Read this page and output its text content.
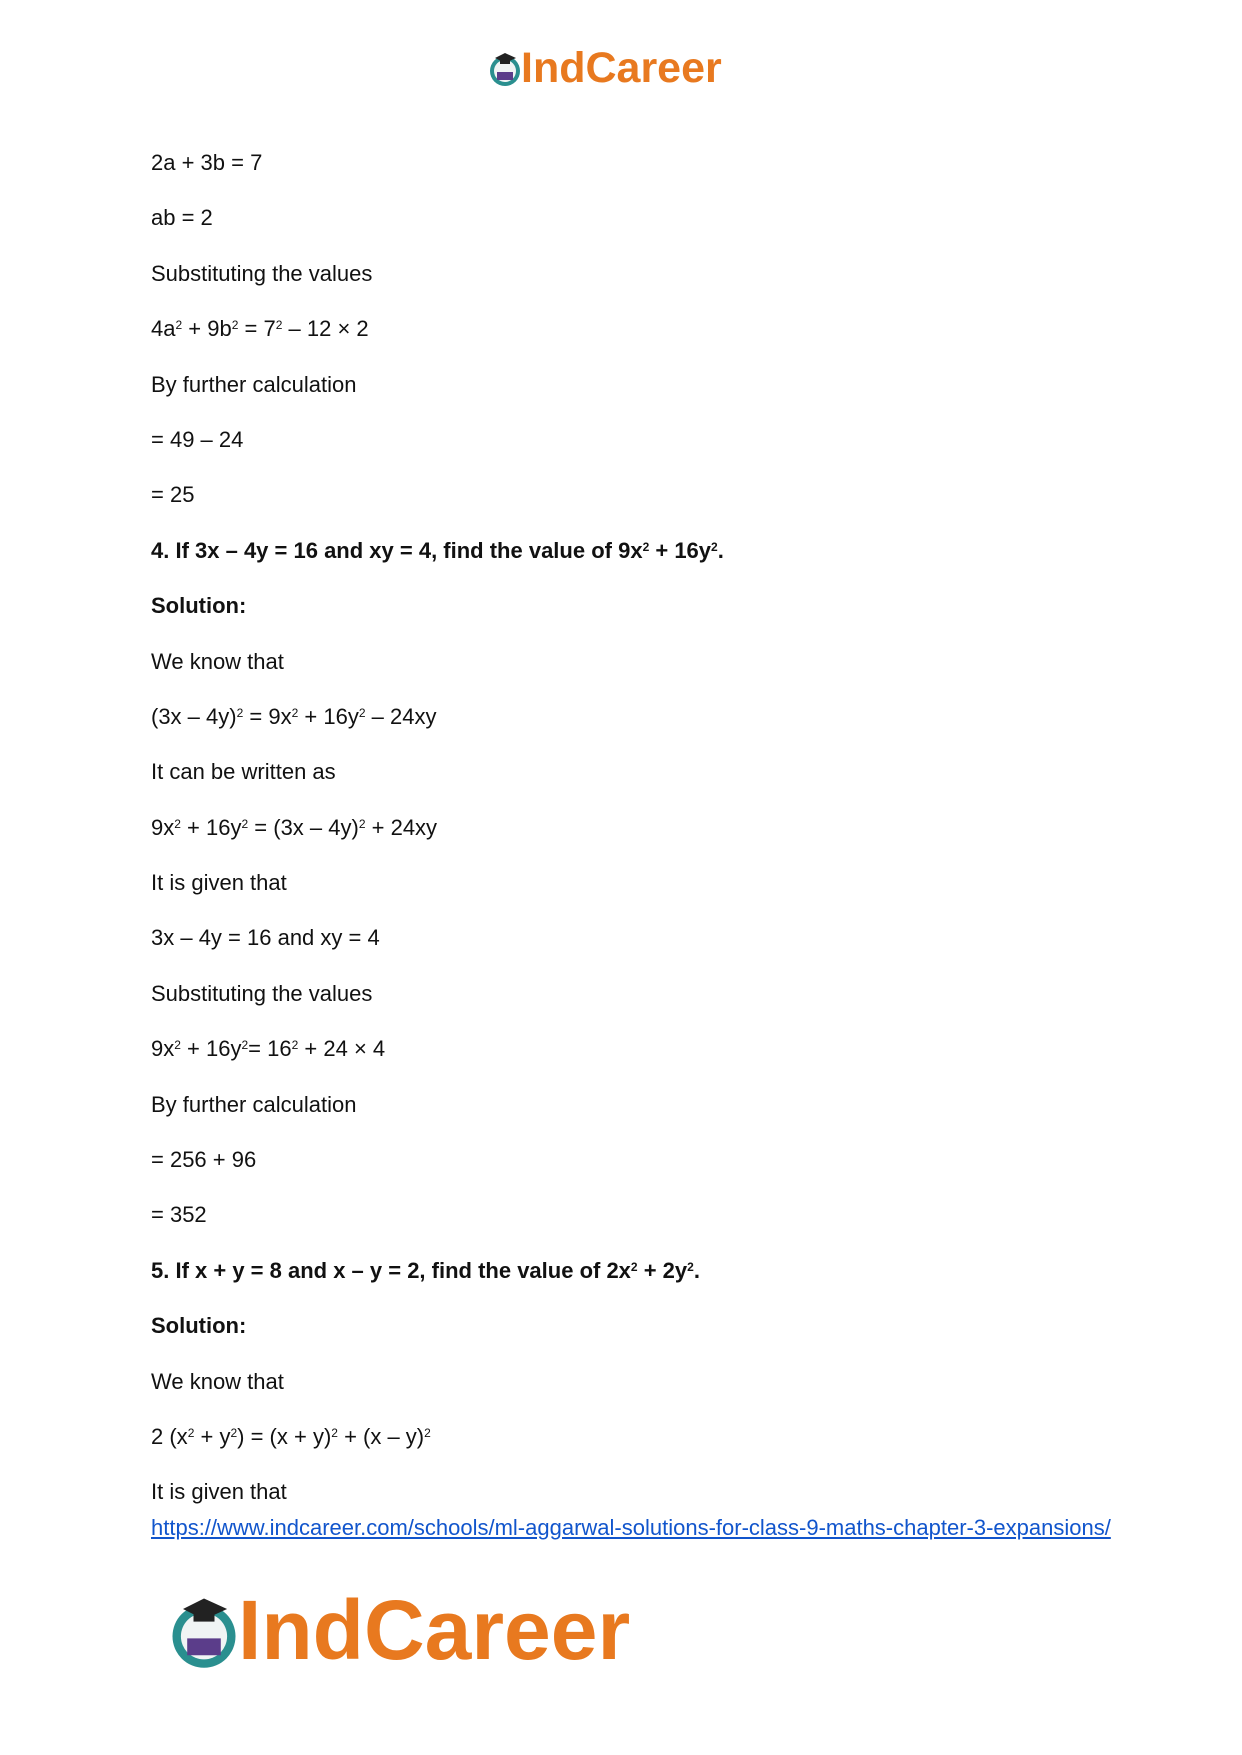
IndCareer
2a + 3b = 7
ab = 2
Substituting the values
$4a^2 + 9b^2 = 7^2 - 12 \times 2$
By further calculation
= 49 – 24
= 25
4. If 3x – 4y = 16 and xy = 4, find the value of $9x^2 + 16y^2$.
Solution:
We know that
$(3x - 4y)^2 = 9x^2 + 16y^2 - 24xy$
It can be written as
$9x^2 + 16y^2 = (3x - 4y)^2 + 24xy$
It is given that
3x – 4y = 16 and xy = 4
Substituting the values
$9x^2 + 16y^2= 16^2 + 24 \times 4$
By further calculation
= 256 + 96
= 352
5. If x + y = 8 and x – y = 2, find the value of $2x^2 + 2y^2$.
Solution:
We know that
2 $(x^2 + y^2) = (x + y)^2 + (x - y)^2$
It is given that
https://www.indcareer.com/schools/ml-aggarwal-solutions-for-class-9-maths-chapter-3-expansions/
IndCareer
